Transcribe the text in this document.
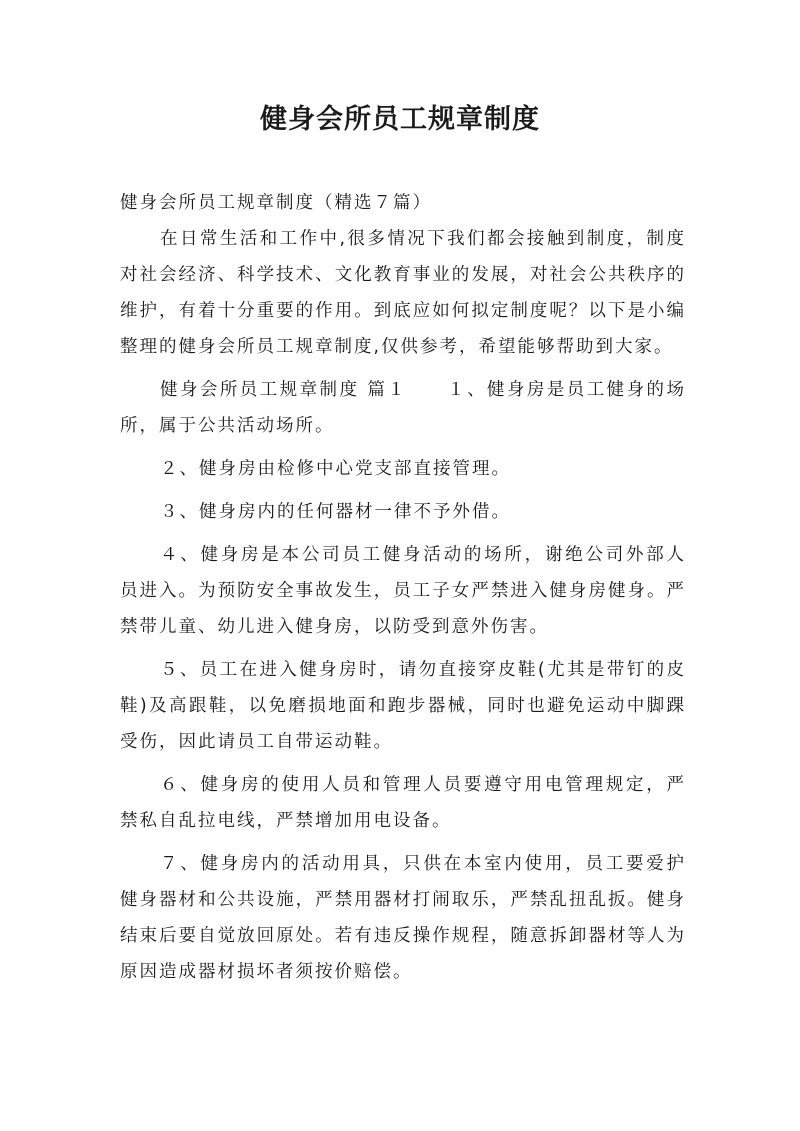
健身会所员工规章制度

健身会所员工规章制度（精选７篇）

在日常生活和工作中,很多情况下我们都会接触到制度，制度对社会经济、科学技术、文化教育事业的发展，对社会公共秩序的维护，有着十分重要的作用。到底应如何拟定制度呢？以下是小编整理的健身会所员工规章制度,仅供参考，希望能够帮助到大家。

健身会所员工规章制度 篇１　　１、健身房是员工健身的场所，属于公共活动场所。

２、健身房由检修中心党支部直接管理。

３、健身房内的任何器材一律不予外借。

４、健身房是本公司员工健身活动的场所，谢绝公司外部人员进入。为预防安全事故发生，员工子女严禁进入健身房健身。严禁带儿童、幼儿进入健身房，以防受到意外伤害。

５、员工在进入健身房时，请勿直接穿皮鞋(尤其是带钉的皮鞋)及高跟鞋，以免磨损地面和跑步器械，同时也避免运动中脚踝受伤，因此请员工自带运动鞋。

６、健身房的使用人员和管理人员要遵守用电管理规定，严禁私自乱拉电线，严禁增加用电设备。

７、健身房内的活动用具，只供在本室内使用，员工要爱护健身器材和公共设施，严禁用器材打闹取乐，严禁乱扭乱扳。健身结束后要自觉放回原处。若有违反操作规程，随意拆卸器材等人为原因造成器材损坏者须按价赔偿。
